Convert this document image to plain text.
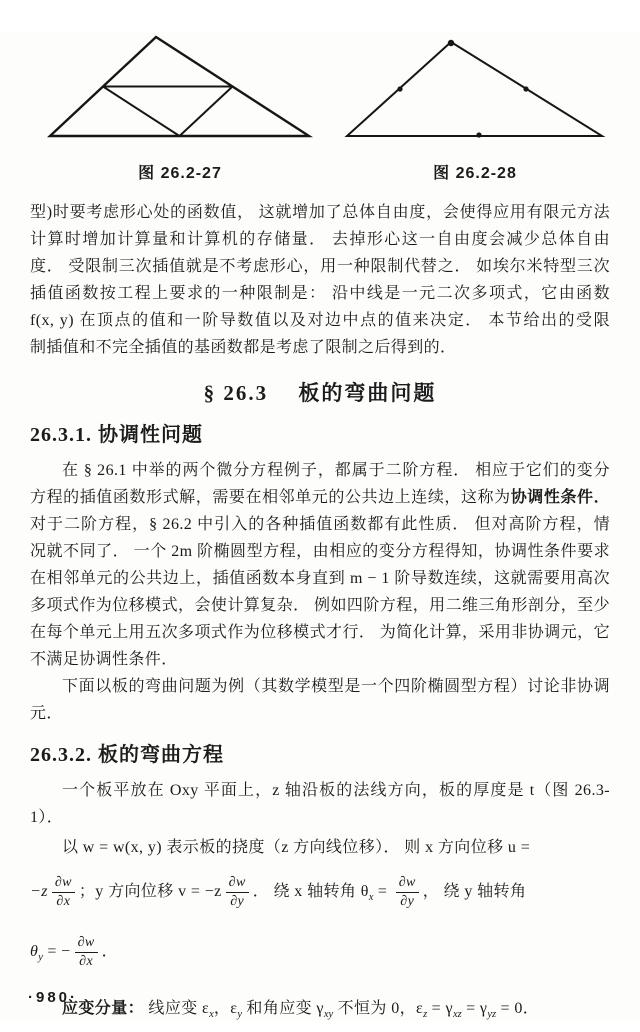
图 26.2-27	图 26.2-28
型)时要考虑形心处的函数值， 这就增加了总体自由度，会使得应用有限元方法
计算时增加计算量和计算机的存储量． 去掉形心这一自由度会减少总体自由
度． 受限制三次插值就是不考虑形心，用一种限制代替之． 如埃尔米特型三次
插值函数按工程上要求的一种限制是： 沿中线是一元二次多项式，它由函数
f(x, y) 在顶点的值和一阶导数值以及对边中点的值来决定． 本节给出的受限
制插值和不完全插值的基函数都是考虑了限制之后得到的．
§ 26.3　 板的弯曲问题
26.3.1. 协调性问题
在 § 26.1 中举的两个微分方程例子，都属于二阶方程． 相应于它们的变分
方程的插值函数形式解，需要在相邻单元的公共边上连续，这称为协调性条件．
对于二阶方程，§ 26.2 中引入的各种插值函数都有此性质． 但对高阶方程，情
况就不同了． 一个 2m 阶椭圆型方程，由相应的变分方程得知，协调性条件要求
在相邻单元的公共边上，插值函数本身直到 m − 1 阶导数连续，这就需要用高次
多项式作为位移模式，会使计算复杂． 例如四阶方程，用二维三角形剖分，至少
在每个单元上用五次多项式作为位移模式才行． 为简化计算，采用非协调元，它
不满足协调性条件．
下面以板的弯曲问题为例（其数学模型是一个四阶椭圆型方程）讨论非协调
元．
26.3.2. 板的弯曲方程
一个板平放在 Oxy 平面上，z 轴沿板的法线方向，板的厚度是 t（图 26.3-
1）．
以 w = w(x, y) 表示板的挠度（z 方向线位移）． 则 x 方向位移 u =
$-z \frac{\partial w}{\partial x}$ ；y 方向位移 $v = -z \frac{\partial w}{\partial y}$ ． 绕 x 轴转角 $\theta_x = \frac{\partial w}{\partial y}$ ， 绕 y 轴转角
$\theta_y$ = − $\frac{\partial w}{\partial x}$ ．
应变分量： 线应变 $\varepsilon_x$，$\varepsilon_y$ 和角应变 $\gamma_{xy}$ 不恒为 0，$\varepsilon_z = \gamma_{xz} = \gamma_{yz} = 0$．
·980·
